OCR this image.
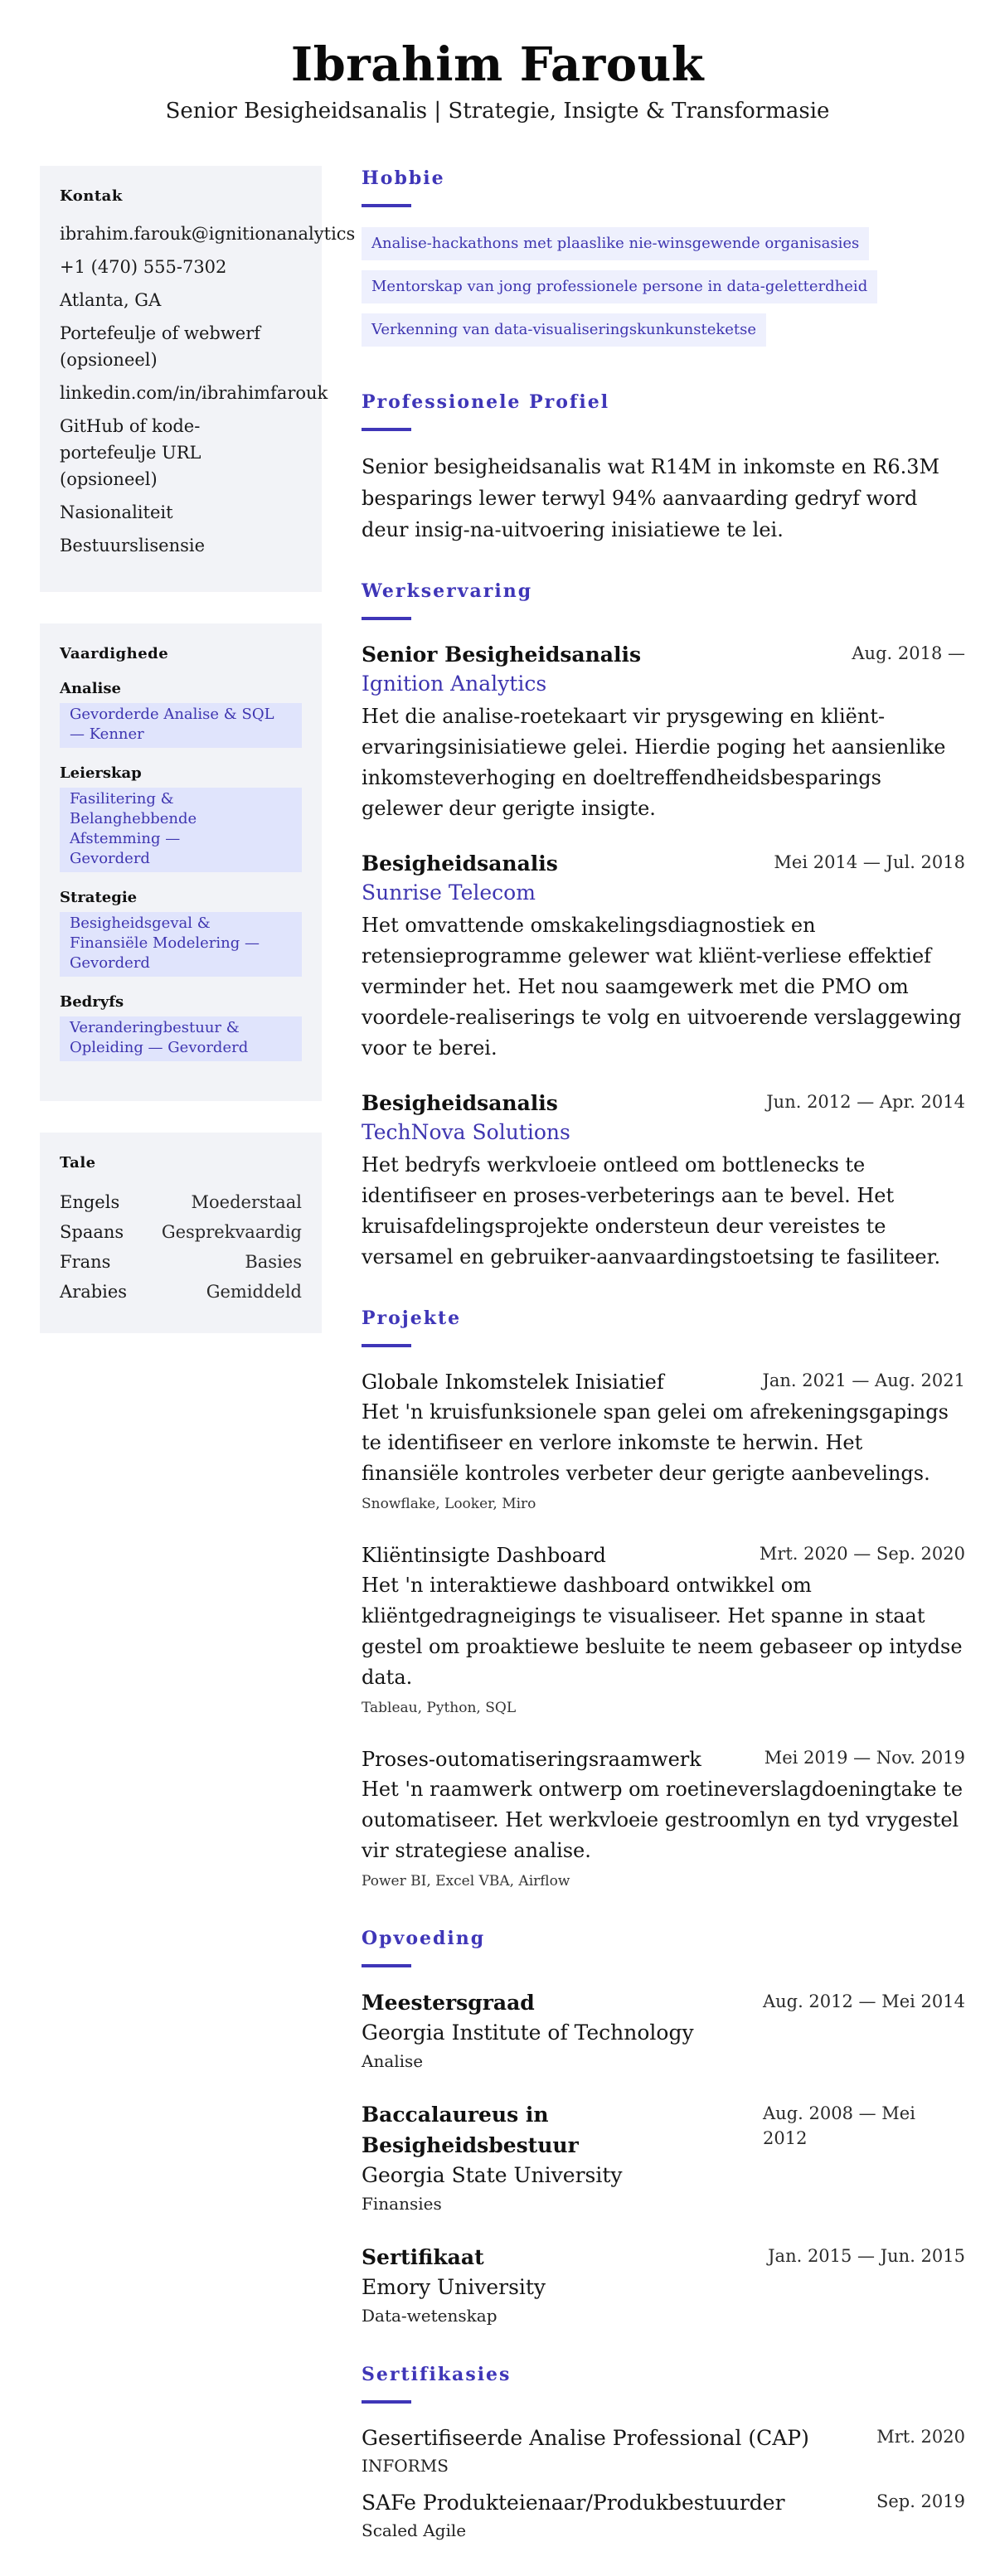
Ibrahim Farouk
Senior Besigheidsanalis | Strategie, Insigte & Transformasie
Kontak
ibrahim.farouk@ignitionanalytics
+1 (470) 555-7302
Atlanta, GA
Portefeulje of webwerf (opsioneel)
linkedin.com/in/ibrahimfarouk
GitHub of kode-portefeulje URL (opsioneel)
Nasionaliteit
Bestuurslisensie
Vaardighede
Analise
Gevorderde Analise & SQL — Kenner
Leierskap
Fasilitering & Belanghebbende Afstemming — Gevorderd
Strategie
Besigheidsgeval & Finansiële Modelering — Gevorderd
Bedryfs
Veranderingbestuur & Opleiding — Gevorderd
Tale
Engels	Moederstaal
Spaans Gesprekvaardig
Frans	Basies
Arabies	Gemiddeld
Hobbie
Analise-hackathons met plaaslike nie-winsgewende organisasies
Mentorskap van jong professionele persone in data-geletterdheid
Verkenning van data-visualiseringskunkunsteketse
Professionele Profiel

Senior besigheidsanalis wat R14M in inkomste en R6.3M besparings lewer terwyl 94% aanvaarding gedryf word deur insig-na-uitvoering inisiatiewe te lei.

Werkservaring
Senior Besigheidsanalis	Aug. 2018 —
Ignition Analytics

Het die analise-roetekaart vir prysgewing en kliënt-ervaringsinisiatiewe gelei. Hierdie poging het aansienlike inkomsteverhoging en doeltreffendheidsbesparings gelewer deur gerigte insigte.

Besigheidsanalis	Mei 2014 — Jul. 2018
Sunrise Telecom

Het omvattende omskakelingsdiagnostiek en retensieprogramme gelewer wat kliënt-verliese effektief verminder het. Het nou saamgewerk met die PMO om voordele-realiserings te volg en uitvoerende verslaggewing voor te berei.

Besigheidsanalis	Jun. 2012 — Apr. 2014
TechNova Solutions

Het bedryfs werkvloeie ontleed om bottlenecks te identifiseer en proses-verbeterings aan te bevel. Het kruisafdelingsprojekte ondersteun deur vereistes te versamel en gebruiker-aanvaardingstoetsing te fasiliteer.

Projekte
Globale Inkomstelek Inisiatief	Jan. 2021 — Aug. 2021

Het 'n kruisfunksionele span gelei om afrekeningsgapings te identifiseer en verlore inkomste te herwin. Het finansiële kontroles verbeter deur gerigte aanbevelings.

Snowflake, Looker, Miro
Kliëntinsigte Dashboard	Mrt. 2020 — Sep. 2020

Het 'n interaktiewe dashboard ontwikkel om kliëntgedragneigings te visualiseer. Het spanne in staat gestel om proaktiewe besluite te neem gebaseer op intydse data.

Tableau, Python, SQL
Proses-outomatiseringsraamwerk	Mei 2019 — Nov. 2019

Het 'n raamwerk ontwerp om roetineverslagdoeningtake te outomatiseer. Het werkvloeie gestroomlyn en tyd vrygestel vir strategiese analise.

Power BI, Excel VBA, Airflow
Opvoeding
Meestersgraad	Aug. 2012 — Mei 2014
Georgia Institute of Technology
Analise
Baccalaureus in Besigheidsbestuur
Aug. 2008 — Mei 2012
Georgia State University
Finansies
Sertifikaat	Jan. 2015 — Jun. 2015
Emory University
Data-wetenskap
Sertifikasies
Gesertifiseerde Analise Professional (CAP)	Mrt. 2020
INFORMS
SAFe Produkteienaar/Produkbestuurder	Sep. 2019
Scaled Agile
